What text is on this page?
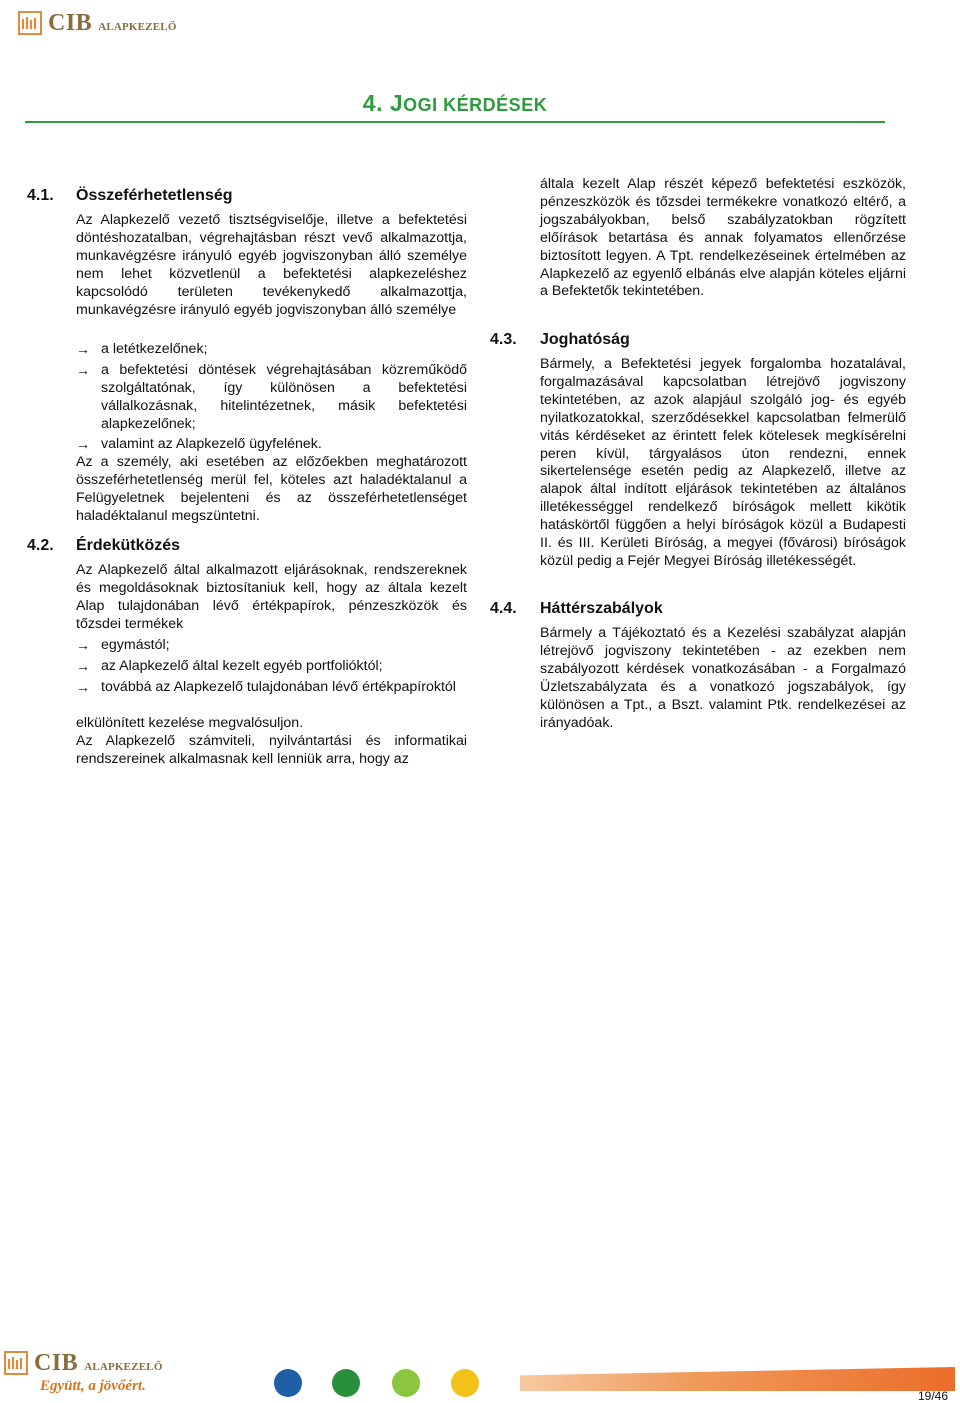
CIB ALAPKEZELŐ
4. JOGI KÉRDÉSEK
4.1. Összeférhetetlenség

Az Alapkezelő vezető tisztségviselője, illetve a befektetési döntéshozatalban, végrehajtásban részt vevő alkalmazottja, munkavégzésre irányuló egyéb jogviszonyban álló személye nem lehet közvetlenül a befektetési alapkezeléshez kapcsolódó területen tevékenykedő alkalmazottja, munkavégzésre irányuló egyéb jogviszonyban álló személye

→ a letétkezelőnek;
→ a befektetési döntések végrehajtásában közreműködő szolgáltatónak, így különösen a befektetési vállalkozásnak, hitelintézetnek, másik befektetési alapkezelőnek;

→ valamint az Alapkezelő ügyfelének.

Az a személy, aki esetében az előzőekben meghatározott összeférhetetlenség merül fel, köteles azt haladéktalanul a Felügyeletnek bejelenteni és az összeférhetetlenséget haladéktalanul megszüntetni.

4.2. Érdekütközés

Az Alapkezelő által alkalmazott eljárásoknak, rendszereknek és megoldásoknak biztosítaniuk kell, hogy az általa kezelt Alap tulajdonában lévő értékpapírok, pénzeszközök és tőzsdei termékek

→ egymástól;
→ az Alapkezelő által kezelt egyéb portfolióktól;
→ továbbá az Alapkezelő tulajdonában lévő értékpapíroktól

elkülönített kezelése megvalósuljon.

Az Alapkezelő számviteli, nyilvántartási és informatikai rendszereinek alkalmasnak kell lenniük arra, hogy az

általa kezelt Alap részét képező befektetési eszközök, pénzeszközök és tőzsdei termékekre vonatkozó eltérő, a jogszabályokban, belső szabályzatokban rögzített előírások betartása és annak folyamatos ellenőrzése biztosított legyen. A Tpt. rendelkezéseinek értelmében az Alapkezelő az egyenlő elbánás elve alapján köteles eljárni a Befektetők tekintetében.

4.3. Joghatóság

Bármely, a Befektetési jegyek forgalomba hozatalával, forgalmazásával kapcsolatban létrejövő jogviszony tekintetében, az azok alapjául szolgáló jog- és egyéb nyilatkozatokkal, szerződésekkel kapcsolatban felmerülő vitás kérdéseket az érintett felek kötelesek megkísérelni peren kívül, tárgyalásos úton rendezni, ennek sikertelensége esetén pedig az Alapkezelő, illetve az alapok által indított eljárások tekintetében az általános illetékességgel rendelkező bíróságok mellett kikötik hatáskörtől függően a helyi bíróságok közül a Budapesti II. és III. Kerületi Bíróság, a megyei (fővárosi) bíróságok közül pedig a Fejér Megyei Bíróság illetékességét.

4.4. Háttérszabályok

Bármely a Tájékoztató és a Kezelési szabályzat alapján létrejövő jogviszony tekintetében - az ezekben nem szabályozott kérdések vonatkozásában - a Forgalmazó Üzletszabályzata és a vonatkozó jogszabályok, így különösen a Tpt., a Bszt. valamint Ptk. rendelkezései az irányadóak.

CIB ALAPKEZELŐ
Együtt, a jövőért.
19/46
